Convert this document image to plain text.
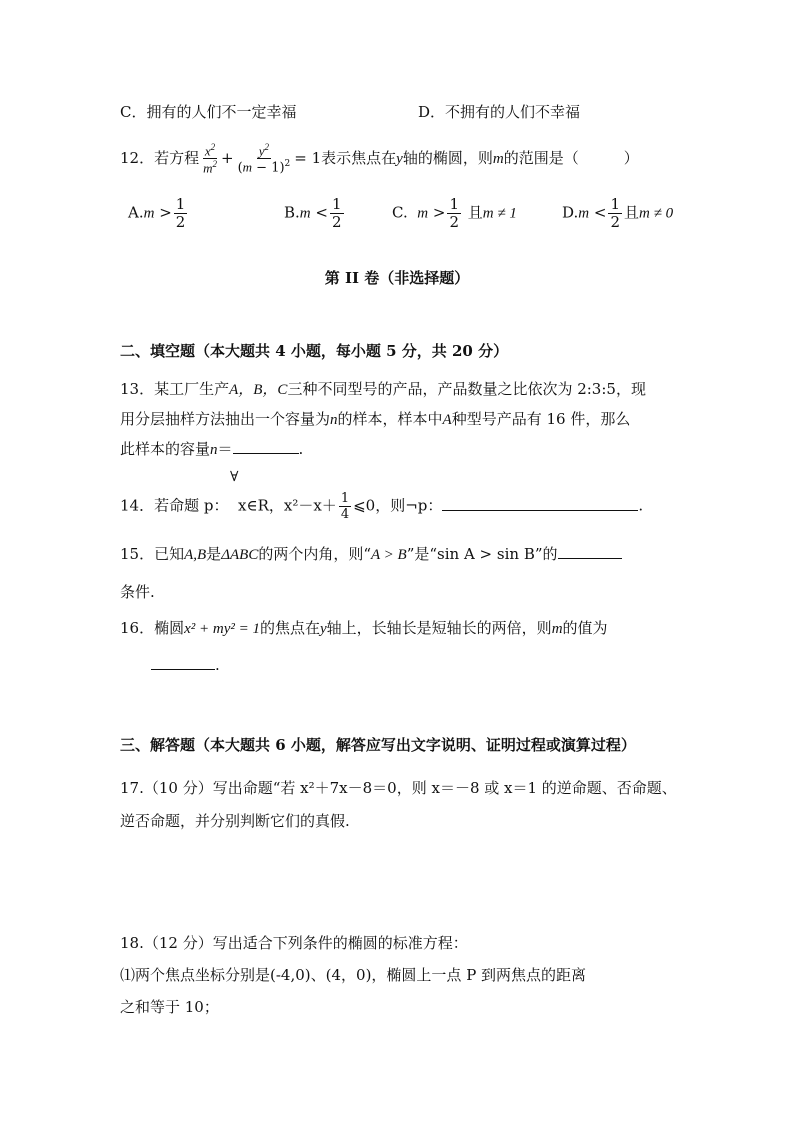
C．拥有的人们不一定幸福	D．不拥有的人们不幸福
12．若方程 $\frac{x^2}{m^2} + \frac{y^2}{(m - 1)^2} = 1$表示焦点在y轴的椭圆，则m的范围是（　　　）
$A.m > \frac{1}{2}$	$B.m < \frac{1}{2}$	C. $m > \frac{1}{2}$ 且m ≠ 1	$D.m < \frac{1}{2}$ 且m ≠ 0
第 II 卷（非选择题）
二、填空题（本大题共 4 小题，每小题 5 分，共 20 分）
13．某工厂生产A，B，C三种不同型号的产品，产品数量之比依次为 2:3:5，现
用分层抽样方法抽出一个容量为n的样本，样本中A种型号产品有 16 件，那么
此样本的容量n＝	.
∀
14．若命题 p： x∈R，$x^2-x+ \frac{1}{4}$ ⩽0，则¬p：	.
15．已知A,B是ΔABC的两个内角，则“A > B”是“sin A > sin B”的
条件.
16．椭圆x² + my² = 1的焦点在y轴上，长轴长是短轴长的两倍，则m的值为
.
三、解答题（本大题共 6 小题，解答应写出文字说明、证明过程或演算过程）
17.（10 分）写出命题“若 x²＋7x－8＝0，则 x＝－8 或 x＝1 的逆命题、否命题、
逆否命题，并分别判断它们的真假.
18.（12 分）写出适合下列条件的椭圆的标准方程：
⑴两个焦点坐标分别是(-4,0)、(4，0)，椭圆上一点 P 到两焦点的距离
之和等于 10；
